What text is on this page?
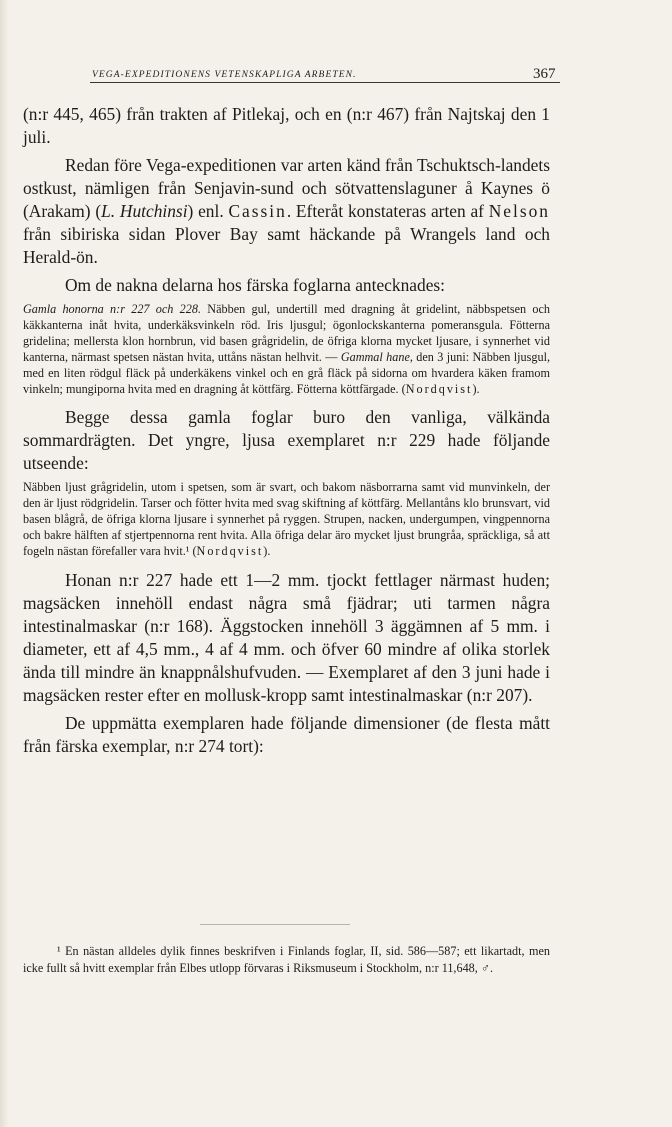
VEGA-EXPEDITIONENS VETENSKAPLIGA ARBETEN.	367

(n:r 445, 465) från trakten af Pitlekaj, och en (n:r 467) från Najtskaj den 1 juli.

Redan före Vega-expeditionen var arten känd från Tschuktsch-landets ostkust, nämligen från Senjavin-sund och sötvattenslaguner å Kaynes ö (Arakam) (L. Hutchinsi) enl. Cassin. Efteråt konstateras arten af Nelson från sibiriska sidan Plover Bay samt häckande på Wrangels land och Herald-ön.

Om de nakna delarna hos färska foglarna antecknades:

Gamla honorna n:r 227 och 228. Näbben gul, undertill med dragning åt gridelint, näbbspetsen och käkkanterna inåt hvita, underkäksvinkeln röd. Iris ljusgul; ögonlockskanterna pomeransgula. Fötterna gridelina; mellersta klon hornbrun, vid basen grågridelin, de öfriga klorna mycket ljusare, i synnerhet vid kanterna, närmast spetsen nästan hvita, uttåns nästan helhvit. — Gammal hane, den 3 juni: Näbben ljusgul, med en liten rödgul fläck på underkäkens vinkel och en grå fläck på sidorna om hvardera käken framom vinkeln; mungiporna hvita med en dragning åt köttfärg. Fötterna köttfärgade. (Nordqvist).

Begge dessa gamla foglar buro den vanliga, välkända sommardrägten. Det yngre, ljusa exemplaret n:r 229 hade följande utseende:

Näbben ljust grågridelin, utom i spetsen, som är svart, och bakom näsborrarna samt vid munvinkeln, der den är ljust rödgridelin. Tarser och fötter hvita med svag skiftning af köttfärg. Mellantåns klo brunsvart, vid basen blågrå, de öfriga klorna ljusare i synnerhet på ryggen. Strupen, nacken, undergumpen, vingpennorna och bakre hälften af stjertpennorna rent hvita. Alla öfriga delar äro mycket ljust brungråa, spräckliga, så att fogeln nästan förefaller vara hvit.¹ (Nordqvist).

Honan n:r 227 hade ett 1—2 mm. tjockt fettlager närmast huden; magsäcken innehöll endast några små fjädrar; uti tarmen några intestinalmaskar (n:r 168). Äggstocken innehöll 3 äggämnen af 5 mm. i diameter, ett af 4,5 mm., 4 af 4 mm. och öfver 60 mindre af olika storlek ända till mindre än knappnålshufvuden. — Exemplaret af den 3 juni hade i magsäcken rester efter en mollusk-kropp samt intestinalmaskar (n:r 207).

De uppmätta exemplaren hade följande dimensioner (de flesta mått från färska exemplar, n:r 274 tort):

¹ En nästan alldeles dylik finnes beskrifven i Finlands foglar, II, sid. 586—587; ett likartadt, men icke fullt så hvitt exemplar från Elbes utlopp förvaras i Riksmuseum i Stockholm, n:r 11,648, ♂.
